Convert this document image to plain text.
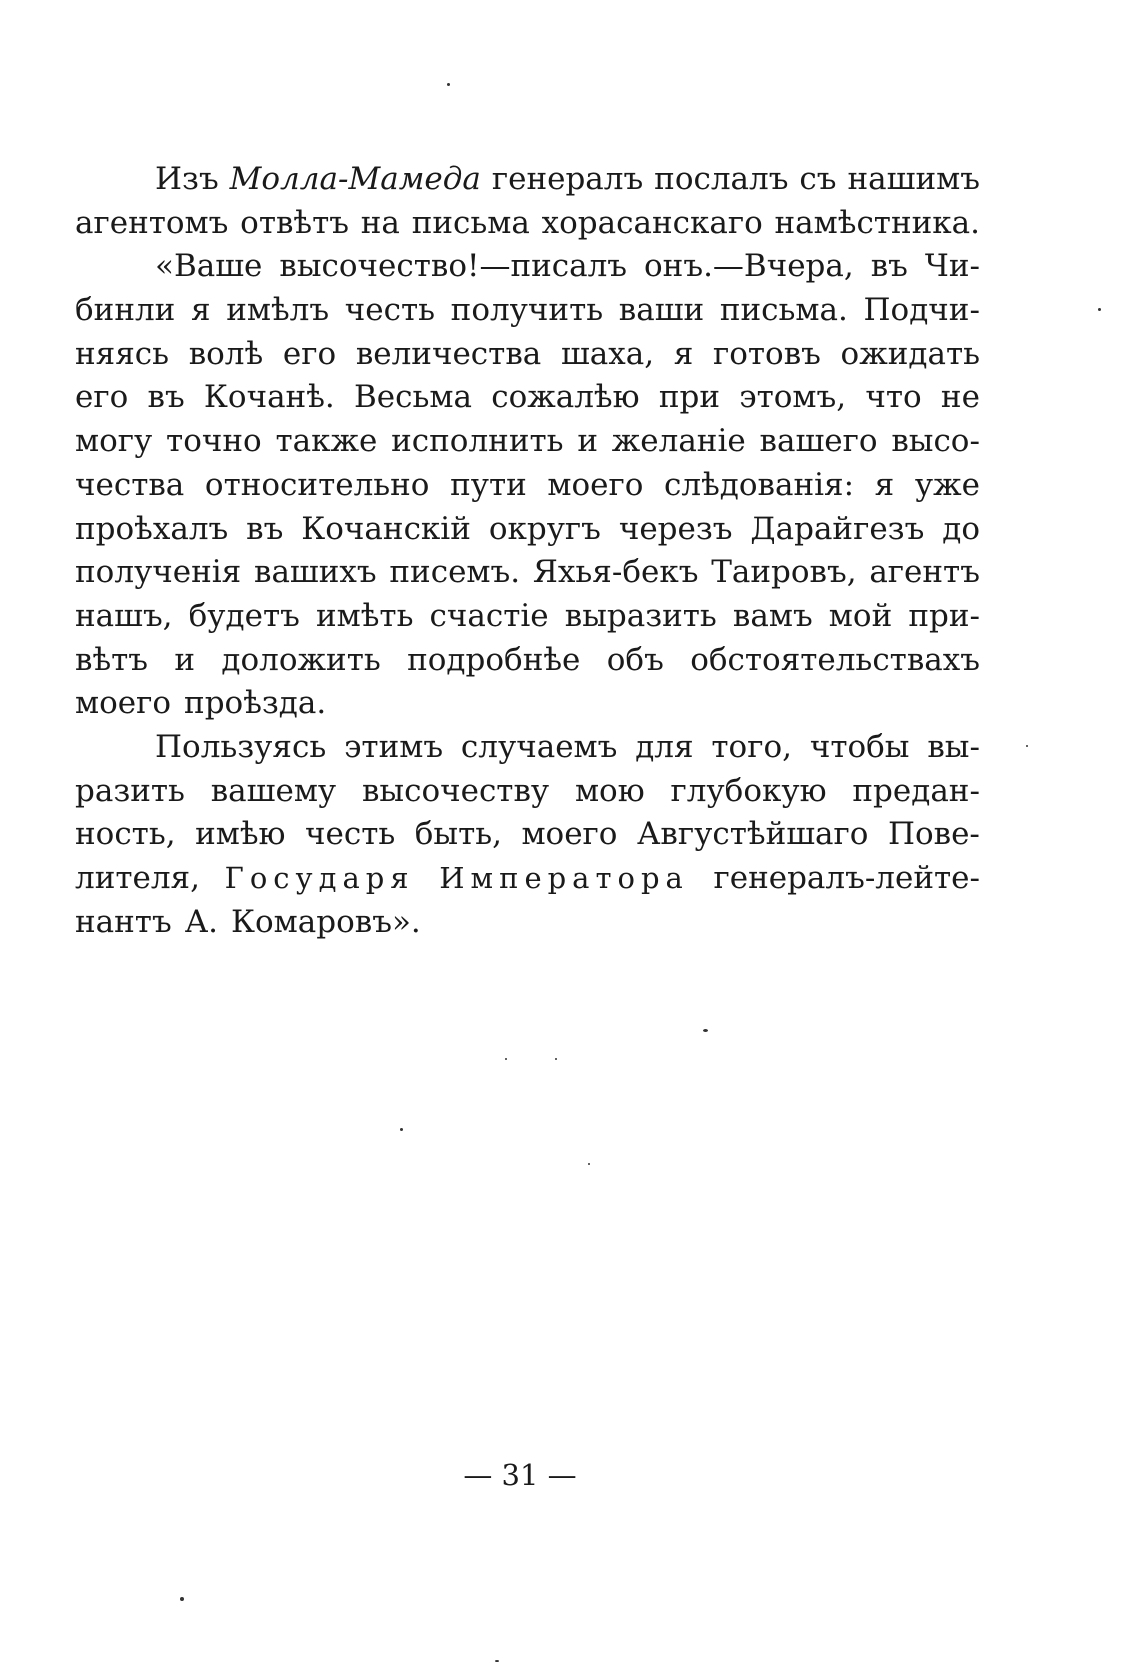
Изъ Молла-Мамеда генералъ послалъ съ нашимъ
агентомъ отвѣтъ на письма хорасанскаго намѣстника.
«Ваше высочество!—писалъ онъ.—Вчера, въ Чи-
бинли я имѣлъ честь получить ваши письма. Подчи-
няясь волѣ его величества шаха, я готовъ ожидать
его въ Кочанѣ. Весьма сожалѣю при этомъ, что не
могу точно также исполнить и желаніе вашего высо-
чества относительно пути моего слѣдованія: я уже
проѣхалъ въ Кочанскій округъ черезъ Дарайгезъ до
полученія вашихъ писемъ. Яхья-бекъ Таировъ, агентъ
нашъ, будетъ имѣть счастіе выразить вамъ мой при-
вѣтъ и доложить подробнѣе объ обстоятельствахъ
моего проѣзда.
Пользуясь этимъ случаемъ для того, чтобы вы-
разить вашему высочеству мою глубокую предан-
ность, имѣю честь быть, моего Августѣйшаго Пове-
лителя, Государя Императора генералъ-лейте-
нантъ А. Комаровъ».
— 31 —
